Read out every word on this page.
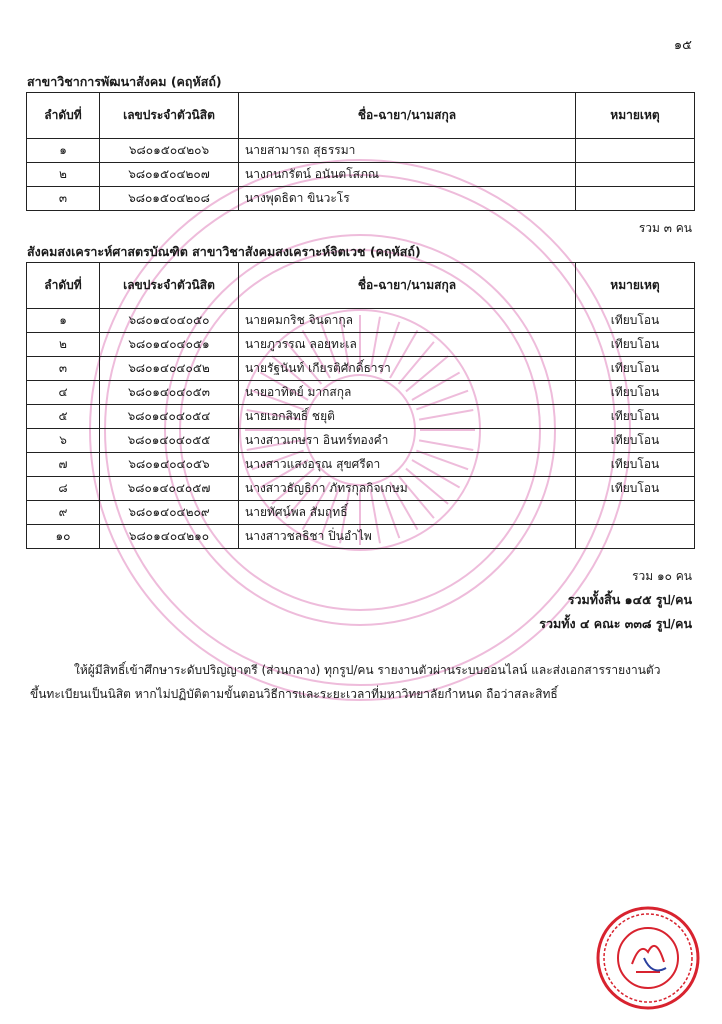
๑๕
สาขาวิชาการพัฒนาสังคม (คฤหัสถ์)
ลำดับที่	เลขประจำตัวนิสิต	ชื่อ-ฉายา/นามสกุล	หมายเหตุ
๑	๖๘๐๑๕๐๔๒๐๖	นายสามารถ สุธรรมา	
๒	๖๘๐๑๕๐๔๒๐๗	นางกนกรัตน์ อนันตโสภณ	
๓	๖๘๐๑๕๐๔๒๐๘	นางพุดธิดา ขินวะโร	
รวม ๓ คน
สังคมสงเคราะห์ศาสตรบัณฑิต สาขาวิชาสังคมสงเคราะห์จิตเวช (คฤหัสถ์)
ลำดับที่	เลขประจำตัวนิสิต	ชื่อ-ฉายา/นามสกุล	หมายเหตุ
๑	๖๘๐๑๔๐๔๐๕๐	นายคมกริช จินดากุล	เทียบโอน
๒	๖๘๐๑๔๐๔๐๕๑	นายภูวรรณ ลอยทะเล	เทียบโอน
๓	๖๘๐๑๔๐๔๐๕๒	นายรัฐนันท์ เกียรติศักดิ์ธารา	เทียบโอน
๔	๖๘๐๑๔๐๔๐๕๓	นายอาทิตย์ มากสกุล	เทียบโอน
๕	๖๘๐๑๔๐๔๐๕๔	นายเอกสิทธิ์ ชยุติ	เทียบโอน
๖	๖๘๐๑๔๐๔๐๕๕	นางสาวเกษรา อินทร์ทองคำ	เทียบโอน
๗	๖๘๐๑๔๐๔๐๕๖	นางสาวแสงอรุณ สุขศรีดา	เทียบโอน
๘	๖๘๐๑๔๐๔๐๕๗	นางสาวธัญธิกา ภัทรกุลกิจเกษม	เทียบโอน
๙	๖๘๐๑๔๐๔๒๐๙	นายทัศน์พล สัมฤทธิ์	
๑๐	๖๘๐๑๔๐๔๒๑๐	นางสาวชลธิชา ปิ่นอำไพ	
รวม ๑๐ คน
รวมทั้งสิ้น ๑๔๕ รูป/คน
รวมทั้ง ๔ คณะ ๓๓๘ รูป/คน
ให้ผู้มีสิทธิ์เข้าศึกษาระดับปริญญาตรี (ส่วนกลาง) ทุกรูป/คน รายงานตัวผ่านระบบออนไลน์ และส่งเอกสารรายงานตัว
ขึ้นทะเบียนเป็นนิสิต หากไม่ปฏิบัติตามขั้นตอนวิธีการและระยะเวลาที่มหาวิทยาลัยกำหนด ถือว่าสละสิทธิ์
